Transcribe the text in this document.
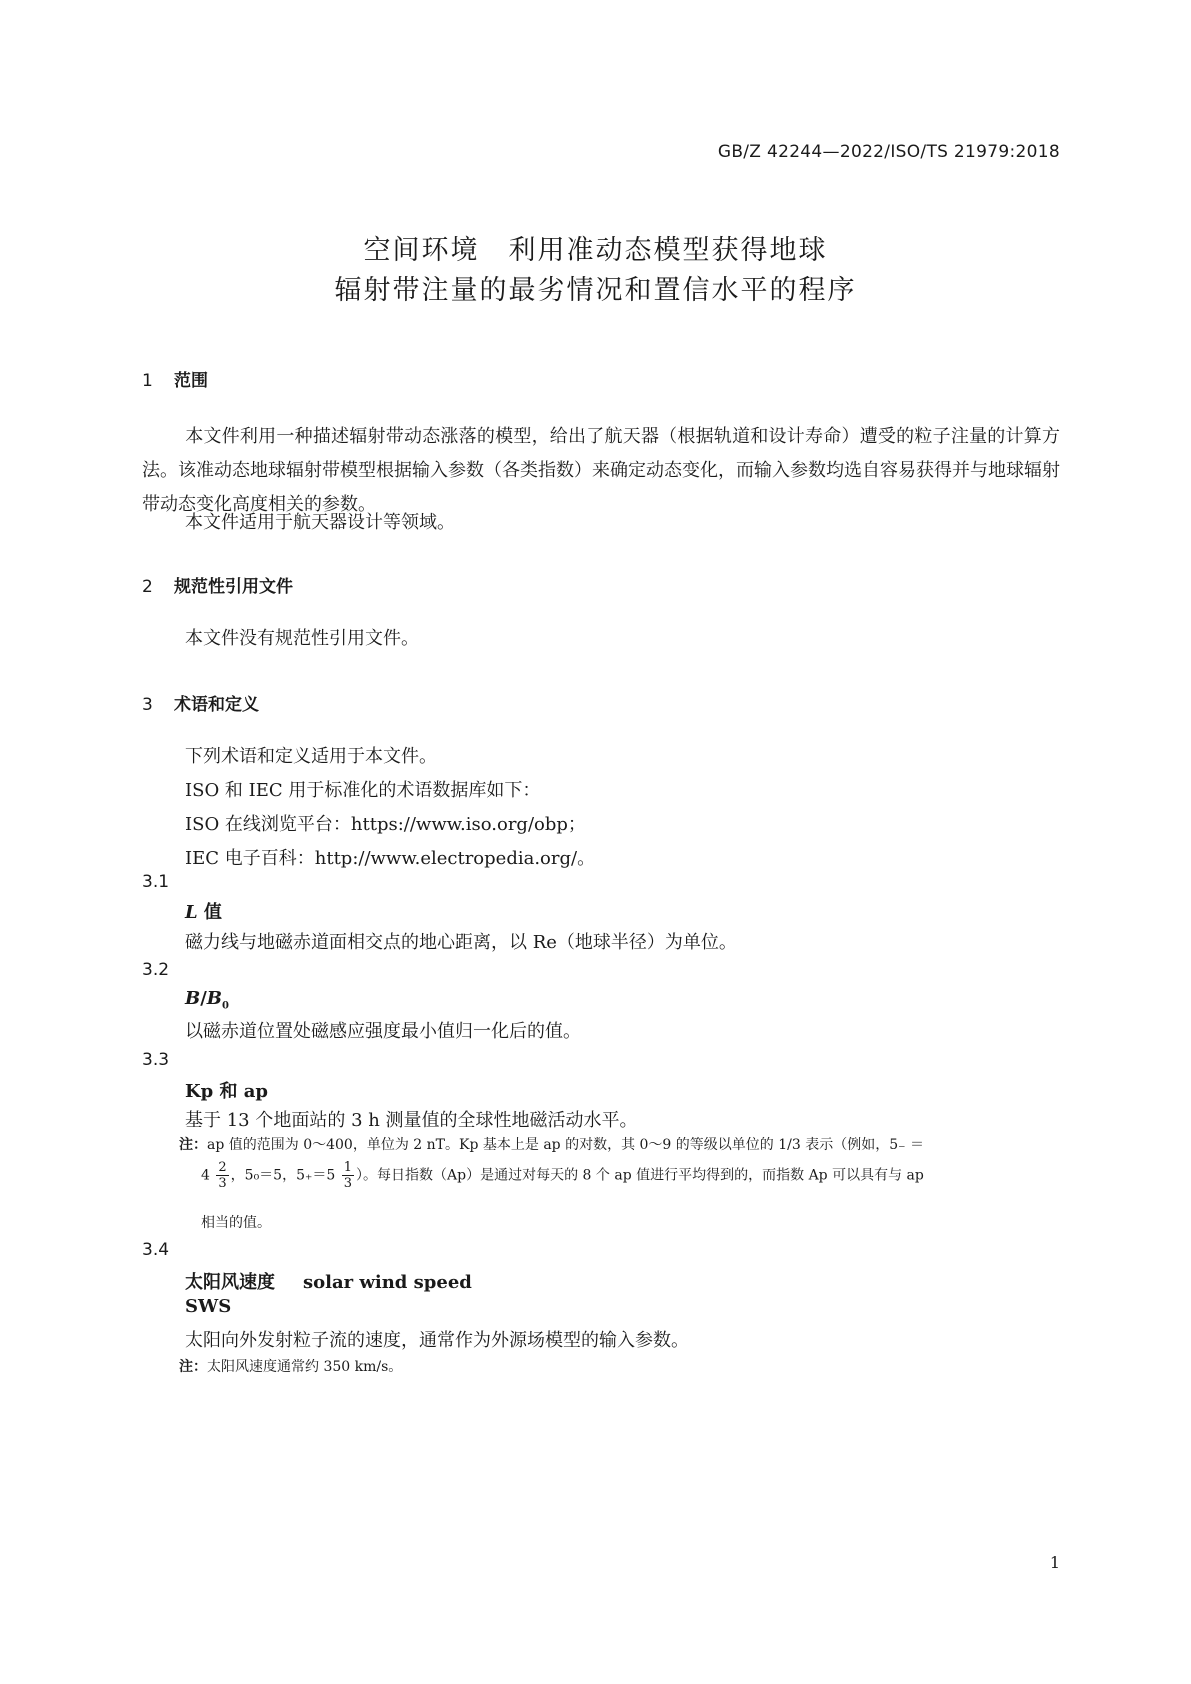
GB/Z 42244—2022/ISO/TS 21979:2018
空间环境　利用准动态模型获得地球
辐射带注量的最劣情况和置信水平的程序
1 范围
本文件利用一种描述辐射带动态涨落的模型，给出了航天器（根据轨道和设计寿命）遭受的粒子注量的计算方法。该准动态地球辐射带模型根据输入参数（各类指数）来确定动态变化，而输入参数均选自容易获得并与地球辐射带动态变化高度相关的参数。
本文件适用于航天器设计等领域。
2 规范性引用文件
本文件没有规范性引用文件。
3 术语和定义
下列术语和定义适用于本文件。
ISO 和 IEC 用于标准化的术语数据库如下：
ISO 在线浏览平台：https://www.iso.org/obp；
IEC 电子百科：http://www.electropedia.org/。
3.1
L 值
磁力线与地磁赤道面相交点的地心距离，以 Re（地球半径）为单位。
3.2
$B/B_0$
以磁赤道位置处磁感应强度最小值归一化后的值。
3.3
Kp 和 ap
基于 13 个地面站的 3 h 测量值的全球性地磁活动水平。
注：ap 值的范围为 0～400，单位为 2 nT。Kp 基本上是 ap 的对数，其 0～9 的等级以单位的 1/3 表示（例如，5₋ ＝
$4 \frac{2}{3}$ ，5₀＝5，$5_+=5 \frac{1}{3}$ ）。每日指数（Ap）是通过对每天的 8 个 ap 值进行平均得到的，而指数 Ap 可以具有与 ap
相当的值。
3.4
太阳风速度 solar wind speed
SWS
太阳向外发射粒子流的速度，通常作为外源场模型的输入参数。
注：太阳风速度通常约 350 km/s。
1
